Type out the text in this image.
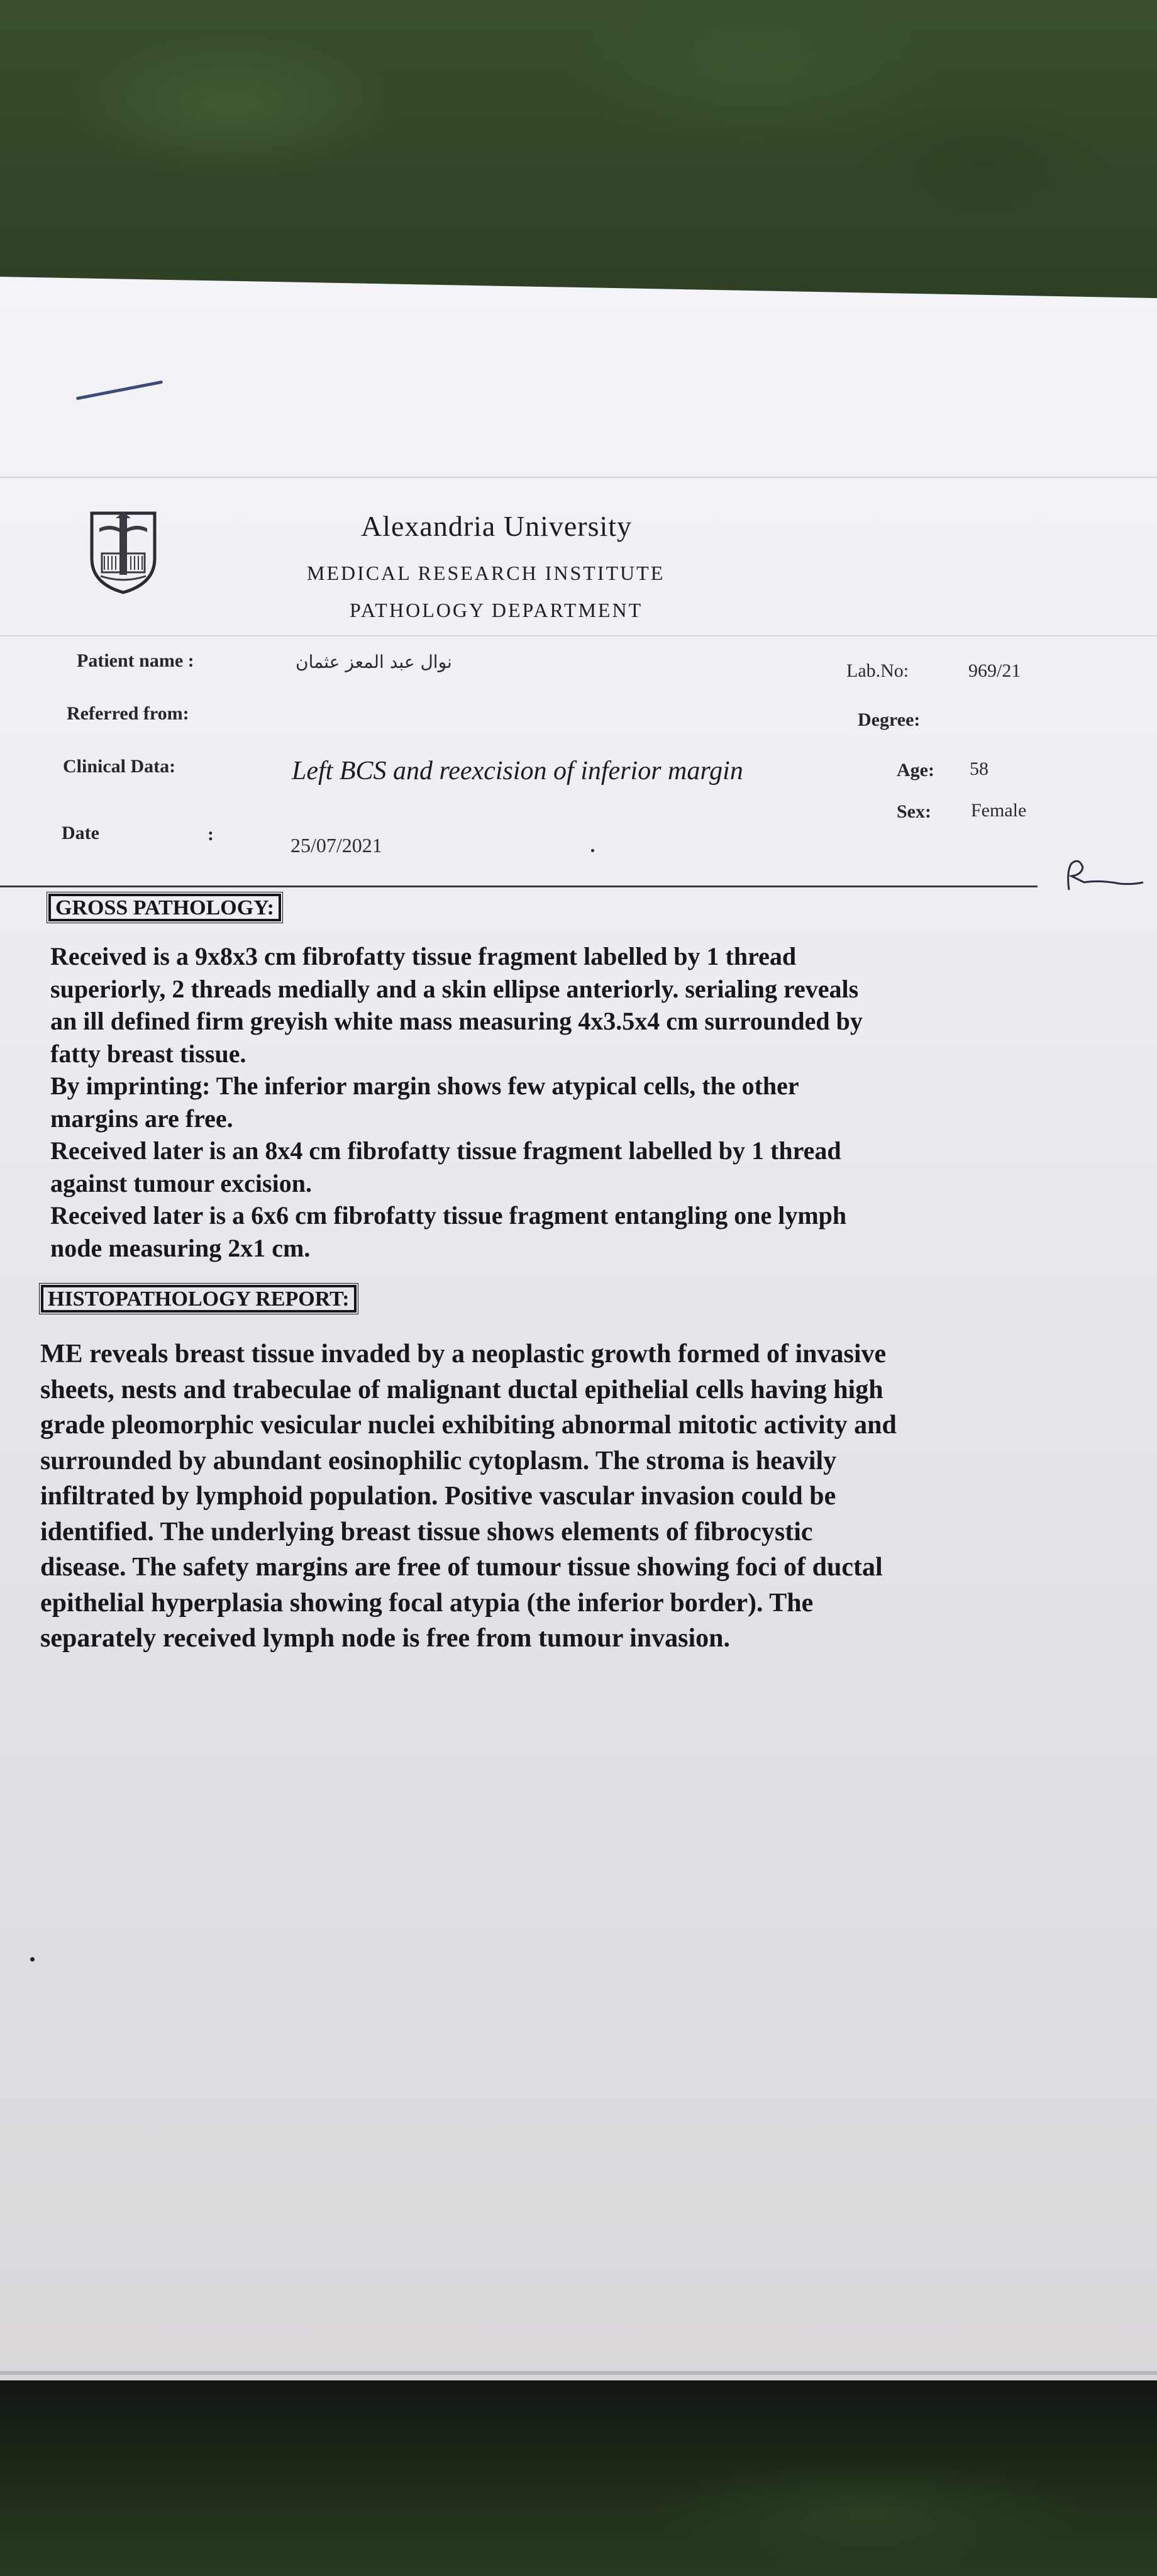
Alexandria University
MEDICAL RESEARCH INSTITUTE
PATHOLOGY DEPARTMENT
Patient name :	نوال عبد المعز عثمان	Lab.No:	969/21
Referred from:	Degree:
Clinical Data:	Left BCS and reexcision of inferior margin	Age: 58
Sex: Female
Date	:	25/07/2021
GROSS PATHOLOGY:
Received is a 9x8x3 cm fibrofatty tissue fragment labelled by 1 thread
superiorly, 2 threads medially and a skin ellipse anteriorly. serialing reveals
an ill defined firm greyish white mass measuring 4x3.5x4 cm surrounded by
fatty breast tissue.
By imprinting: The inferior margin shows few atypical cells, the other
margins are free.
Received later is an 8x4 cm fibrofatty tissue fragment labelled by 1 thread
against tumour excision.
Received later is a 6x6 cm fibrofatty tissue fragment entangling one lymph
node measuring 2x1 cm.
HISTOPATHOLOGY REPORT:
ME reveals breast tissue invaded by a neoplastic growth formed of invasive
sheets, nests and trabeculae of malignant ductal epithelial cells having high
grade pleomorphic vesicular nuclei exhibiting abnormal mitotic activity and
surrounded by abundant eosinophilic cytoplasm. The stroma is heavily
infiltrated by lymphoid population. Positive vascular invasion could be
identified. The underlying breast tissue shows elements of fibrocystic
disease. The safety margins are free of tumour tissue showing foci of ductal
epithelial hyperplasia showing focal atypia (the inferior border). The
separately received lymph node is free from tumour invasion.
